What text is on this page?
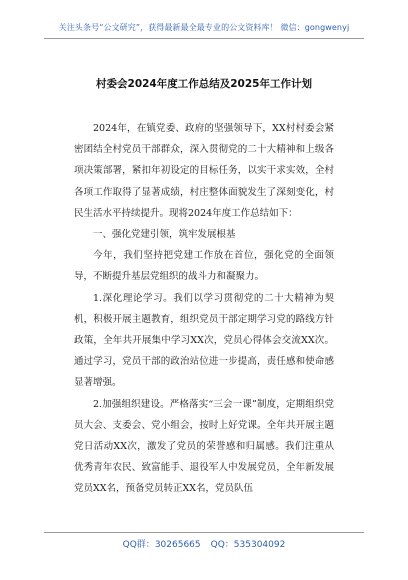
关注头条号“公文研究”，获得最新最全最专业的公文资料库！ 微信：gongwenyj
村委会2024年度工作总结及2025年工作计划

2024年，在镇党委、政府的坚强领导下，XX村村委会紧密团结全村党员干部群众，深入贯彻党的二十大精神和上级各项决策部署，紧扣年初设定的目标任务，以实干求实效，全村各项工作取得了显著成绩，村庄整体面貌发生了深刻变化，村民生活水平持续提升。现将2024年度工作总结如下：

一、强化党建引领，筑牢发展根基

今年，我们坚持把党建工作放在首位，强化党的全面领导，不断提升基层党组织的战斗力和凝聚力。

1.深化理论学习。我们以学习贯彻党的二十大精神为契机，积极开展主题教育，组织党员干部定期学习党的路线方针政策，全年共开展集中学习XX次，党员心得体会交流XX次。通过学习，党员干部的政治站位进一步提高，责任感和使命感显著增强。

2.加强组织建设。严格落实“三会一课”制度，定期组织党员大会、支委会、党小组会，按时上好党课。全年共开展主题党日活动XX次，激发了党员的荣誉感和归属感。我们注重从优秀青年农民、致富能手、退役军人中发展党员，全年新发展党员XX名，预备党员转正XX名，党员队伍

QQ群：30265665 QQ：535304092
